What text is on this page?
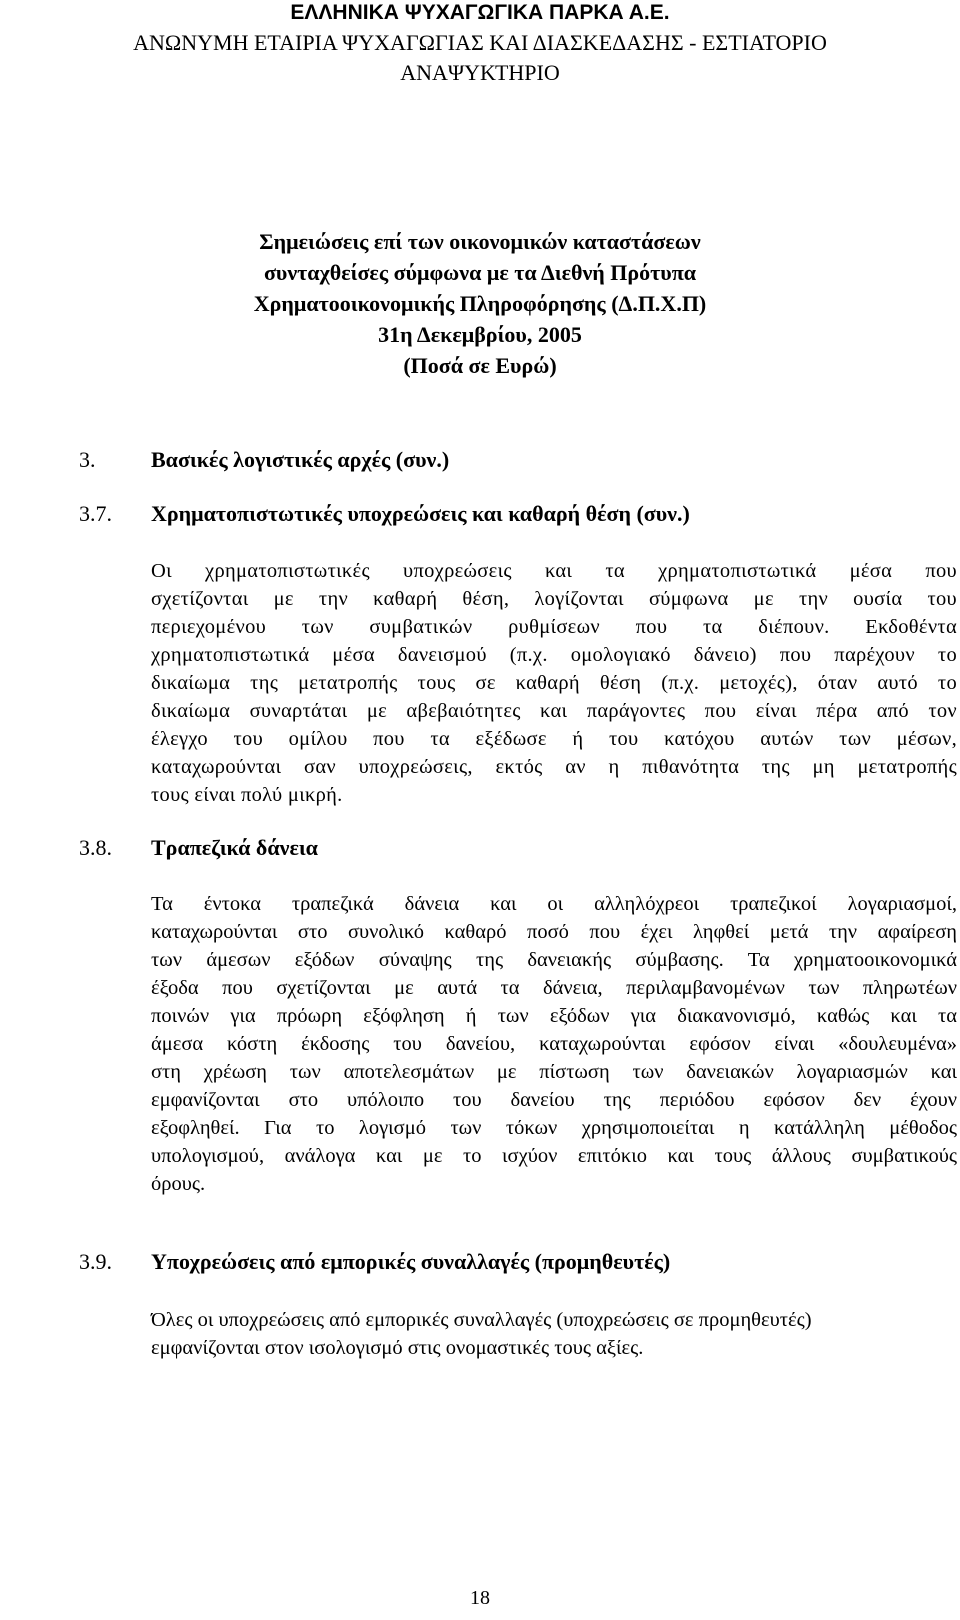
ΕΛΛΗΝΙΚΑ ΨΥΧΑΓΩΓΙΚΑ ΠΑΡΚΑ Α.Ε.
ΑΝΩΝΥΜΗ ΕΤΑΙΡΙΑ ΨΥΧΑΓΩΓΙΑΣ ΚΑΙ ΔΙΑΣΚΕΔΑΣΗΣ - ΕΣΤΙΑΤΟΡΙΟ
ΑΝΑΨΥΚΤΗΡΙΟ
Σημειώσεις επί των οικονομικών καταστάσεων
συνταχθείσες σύμφωνα με τα Διεθνή Πρότυπα
Χρηματοοικονομικής Πληροφόρησης (Δ.Π.Χ.Π)
31η Δεκεμβρίου, 2005
(Ποσά σε Ευρώ)
3.	Βασικές λογιστικές αρχές (συν.)
3.7. Χρηματοπιστωτικές υποχρεώσεις και καθαρή θέση (συν.)
Οι χρηματοπιστωτικές υποχρεώσεις και τα χρηματοπιστωτικά μέσα που
σχετίζονται με την καθαρή θέση, λογίζονται σύμφωνα με την ουσία του
περιεχομένου των συμβατικών ρυθμίσεων που τα διέπουν. Εκδοθέντα
χρηματοπιστωτικά μέσα δανεισμού (π.χ. ομολογιακό δάνειο) που παρέχουν το
δικαίωμα της μετατροπής τους σε καθαρή θέση (π.χ. μετοχές), όταν αυτό το
δικαίωμα συναρτάται με αβεβαιότητες και παράγοντες που είναι πέρα από τον
έλεγχο του ομίλου που τα εξέδωσε ή του κατόχου αυτών των μέσων,
καταχωρούνται σαν υποχρεώσεις, εκτός αν η πιθανότητα της μη μετατροπής
τους είναι πολύ μικρή.
3.8. Τραπεζικά δάνεια
Τα έντοκα τραπεζικά δάνεια και οι αλληλόχρεοι τραπεζικοί λογαριασμοί,
καταχωρούνται στο συνολικό καθαρό ποσό που έχει ληφθεί μετά την αφαίρεση
των άμεσων εξόδων σύναψης της δανειακής σύμβασης. Τα χρηματοοικονομικά
έξοδα που σχετίζονται με αυτά τα δάνεια, περιλαμβανομένων των πληρωτέων
ποινών για πρόωρη εξόφληση ή των εξόδων για διακανονισμό, καθώς και τα
άμεσα κόστη έκδοσης του δανείου, καταχωρούνται εφόσον είναι «δουλευμένα»
στη χρέωση των αποτελεσμάτων με πίστωση των δανειακών λογαριασμών και
εμφανίζονται στο υπόλοιπο του δανείου της περιόδου εφόσον δεν έχουν
εξοφληθεί. Για το λογισμό των τόκων χρησιμοποιείται η κατάλληλη μέθοδος
υπολογισμού, ανάλογα και με το ισχύον επιτόκιο και τους άλλους συμβατικούς
όρους.
3.9. Υποχρεώσεις από εμπορικές συναλλαγές (προμηθευτές)
Όλες οι υποχρεώσεις από εμπορικές συναλλαγές (υποχρεώσεις σε προμηθευτές)
εμφανίζονται στον ισολογισμό στις ονομαστικές τους αξίες.
18
